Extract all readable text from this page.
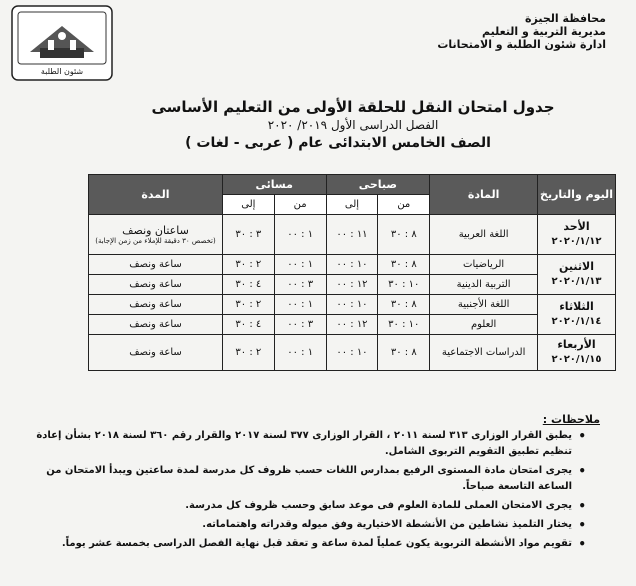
شئون الطلبة
محافظة الجيزة
مديرية التربية و التعليم
ادارة شئون الطلبة و الامتحانات
جدول امتحان النقل للحلقة الأولى من التعليم الأساسى
الفصل الدراسى الأول ٢٠١٩/ ٢٠٢٠
الصف الخامس الابتدائى عام ( عربى - لغات )
اليوم والتاريخ	المادة	صباحى		مسائى		المدة
		من	إلى	من	إلى	
الأحد
٢٠٢٠/١/١٢	اللغة العربية	٨ : ٣٠	١١ : ٠٠	١ : ٠٠	٣ : ٣٠	ساعتان ونصف
(تخصص ٣٠ دقيقة للإملاء من زمن الإجابة)

الاثنين
٢٠٢٠/١/١٣	الرياضيات	٨ : ٣٠	١٠ : ٠٠	١ : ٠٠	٢ : ٣٠	ساعة ونصف
	التربية الدينية	١٠ : ٣٠	١٢ : ٠٠	٣ : ٠٠	٤ : ٣٠	ساعة ونصف
الثلاثاء
٢٠٢٠/١/١٤	اللغة الأجنبية	٨ : ٣٠	١٠ : ٠٠	١ : ٠٠	٢ : ٣٠	ساعة ونصف
	العلوم	١٠ : ٣٠	١٢ : ٠٠	٣ : ٠٠	٤ : ٣٠	ساعة ونصف
الأربعاء
٢٠٢٠/١/١٥	الدراسات الاجتماعية	٨ : ٣٠	١٠ : ٠٠	١ : ٠٠	٢ : ٣٠	ساعة ونصف
ملاحظات :
• يطبق القرار الوزارى ٣١٣ لسنة ٢٠١١ ، القرار الوزارى ٣٧٧ لسنة ٢٠١٧ والقرار رقم ٣٦٠ لسنة ٢٠١٨ بشأن إعادة تنظيم تطبيق التقويم التربوى الشامل.
• يجرى امتحان مادة المستوى الرفيع بمدارس اللغات حسب ظروف كل مدرسة لمدة ساعتين ويبدأ الامتحان من الساعة التاسعة صباحاً.
• يجرى الامتحان العملى للمادة العلوم فى موعد سابق وحسب ظروف كل مدرسة.
• يختار التلميذ نشاطين من الأنشطة الاختيارية وفق ميوله وقدراته واهتماماته.
• تقويم مواد الأنشطة التربوية يكون عملياً لمدة ساعة و تعقد قبل نهاية الفصل الدراسى بخمسة عشر يوماً.
